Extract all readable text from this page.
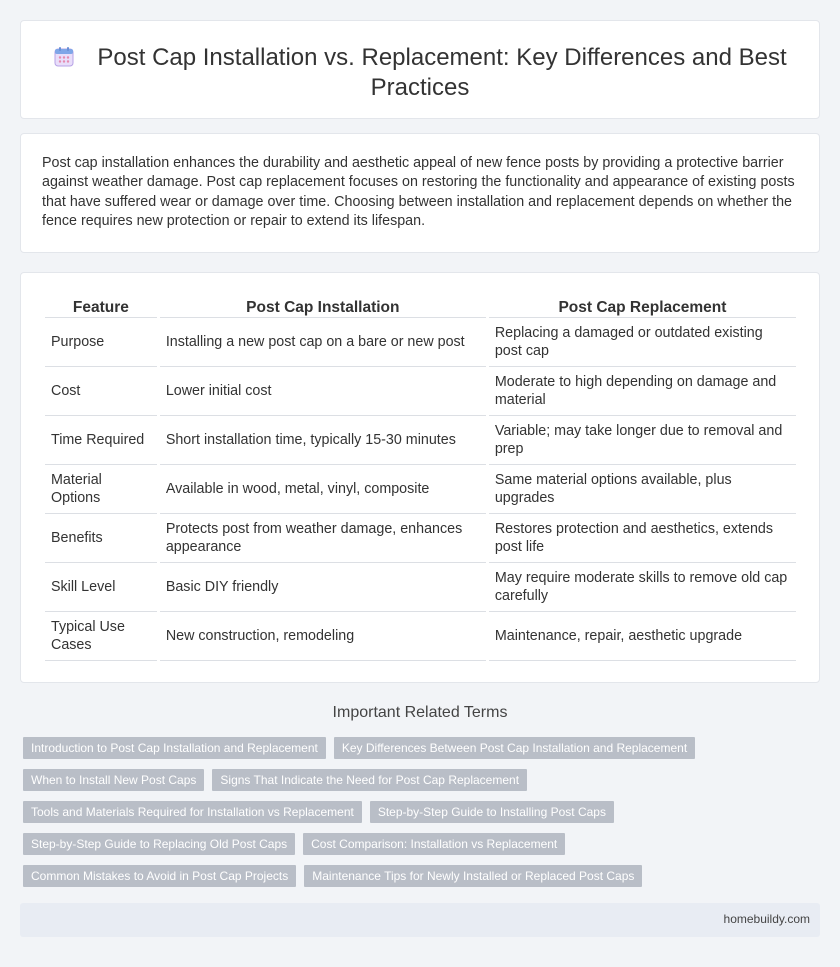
Post Cap Installation vs. Replacement: Key Differences and Best Practices

Post cap installation enhances the durability and aesthetic appeal of new fence posts by providing a protective barrier against weather damage. Post cap replacement focuses on restoring the functionality and appearance of existing posts that have suffered wear or damage over time. Choosing between installation and replacement depends on whether the fence requires new protection or repair to extend its lifespan.

Feature	Post Cap Installation	Post Cap Replacement
Purpose	Installing a new post cap on a bare or new post	Replacing a damaged or outdated existing post cap
Cost	Lower initial cost	Moderate to high depending on damage and material
Time Required	Short installation time, typically 15-30 minutes	Variable; may take longer due to removal and prep
Material Options	Available in wood, metal, vinyl, composite	Same material options available, plus upgrades
Benefits	Protects post from weather damage, enhances appearance	Restores protection and aesthetics, extends post life
Skill Level	Basic DIY friendly	May require moderate skills to remove old cap carefully
Typical Use Cases	New construction, remodeling	Maintenance, repair, aesthetic upgrade
Important Related Terms
Introduction to Post Cap Installation and Replacement	Key Differences Between Post Cap Installation and Replacement
When to Install New Post Caps	Signs That Indicate the Need for Post Cap Replacement
Tools and Materials Required for Installation vs Replacement	Step-by-Step Guide to Installing Post Caps
Step-by-Step Guide to Replacing Old Post Caps	Cost Comparison: Installation vs Replacement
Common Mistakes to Avoid in Post Cap Projects	Maintenance Tips for Newly Installed or Replaced Post Caps
homebuildy.com
